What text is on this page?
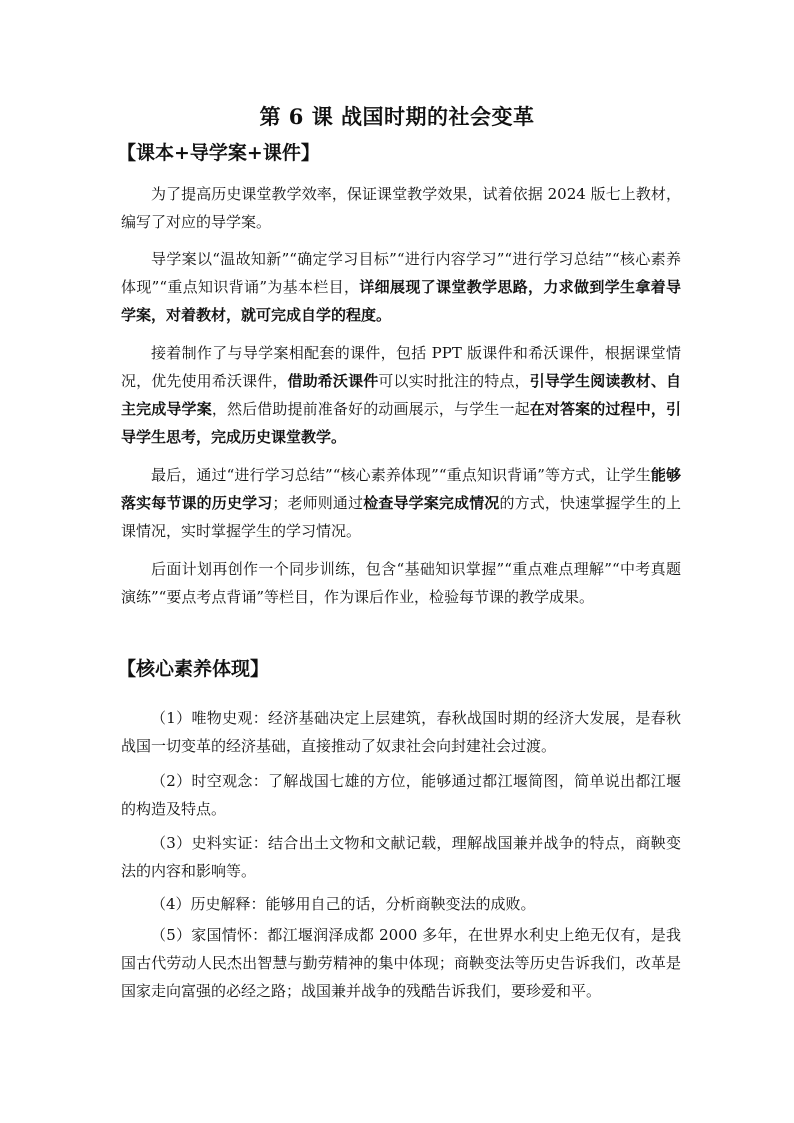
第 6 课 战国时期的社会变革
【课本+导学案+课件】

为了提高历史课堂教学效率，保证课堂教学效果，试着依据 2024 版七上教材，编写了对应的导学案。

导学案以“温故知新”“确定学习目标”“进行内容学习”“进行学习总结”“核心素养体现”“重点知识背诵”为基本栏目，详细展现了课堂教学思路，力求做到学生拿着导学案，对着教材，就可完成自学的程度。

接着制作了与导学案相配套的课件，包括 PPT 版课件和希沃课件，根据课堂情况，优先使用希沃课件，借助希沃课件可以实时批注的特点，引导学生阅读教材、自主完成导学案，然后借助提前准备好的动画展示，与学生一起在对答案的过程中，引导学生思考，完成历史课堂教学。

最后，通过“进行学习总结”“核心素养体现”“重点知识背诵”等方式，让学生能够落实每节课的历史学习；老师则通过检查导学案完成情况的方式，快速掌握学生的上课情况，实时掌握学生的学习情况。

后面计划再创作一个同步训练，包含“基础知识掌握”“重点难点理解”“中考真题演练”“要点考点背诵”等栏目，作为课后作业，检验每节课的教学成果。

【核心素养体现】

（1）唯物史观：经济基础决定上层建筑，春秋战国时期的经济大发展，是春秋战国一切变革的经济基础，直接推动了奴隶社会向封建社会过渡。

（2）时空观念：了解战国七雄的方位，能够通过都江堰简图，简单说出都江堰的构造及特点。

（3）史料实证：结合出土文物和文献记载，理解战国兼并战争的特点，商鞅变法的内容和影响等。

（4）历史解释：能够用自己的话，分析商鞅变法的成败。

（5）家国情怀：都江堰润泽成都 2000 多年，在世界水利史上绝无仅有，是我国古代劳动人民杰出智慧与勤劳精神的集中体现；商鞅变法等历史告诉我们，改革是国家走向富强的必经之路；战国兼并战争的残酷告诉我们，要珍爱和平。
